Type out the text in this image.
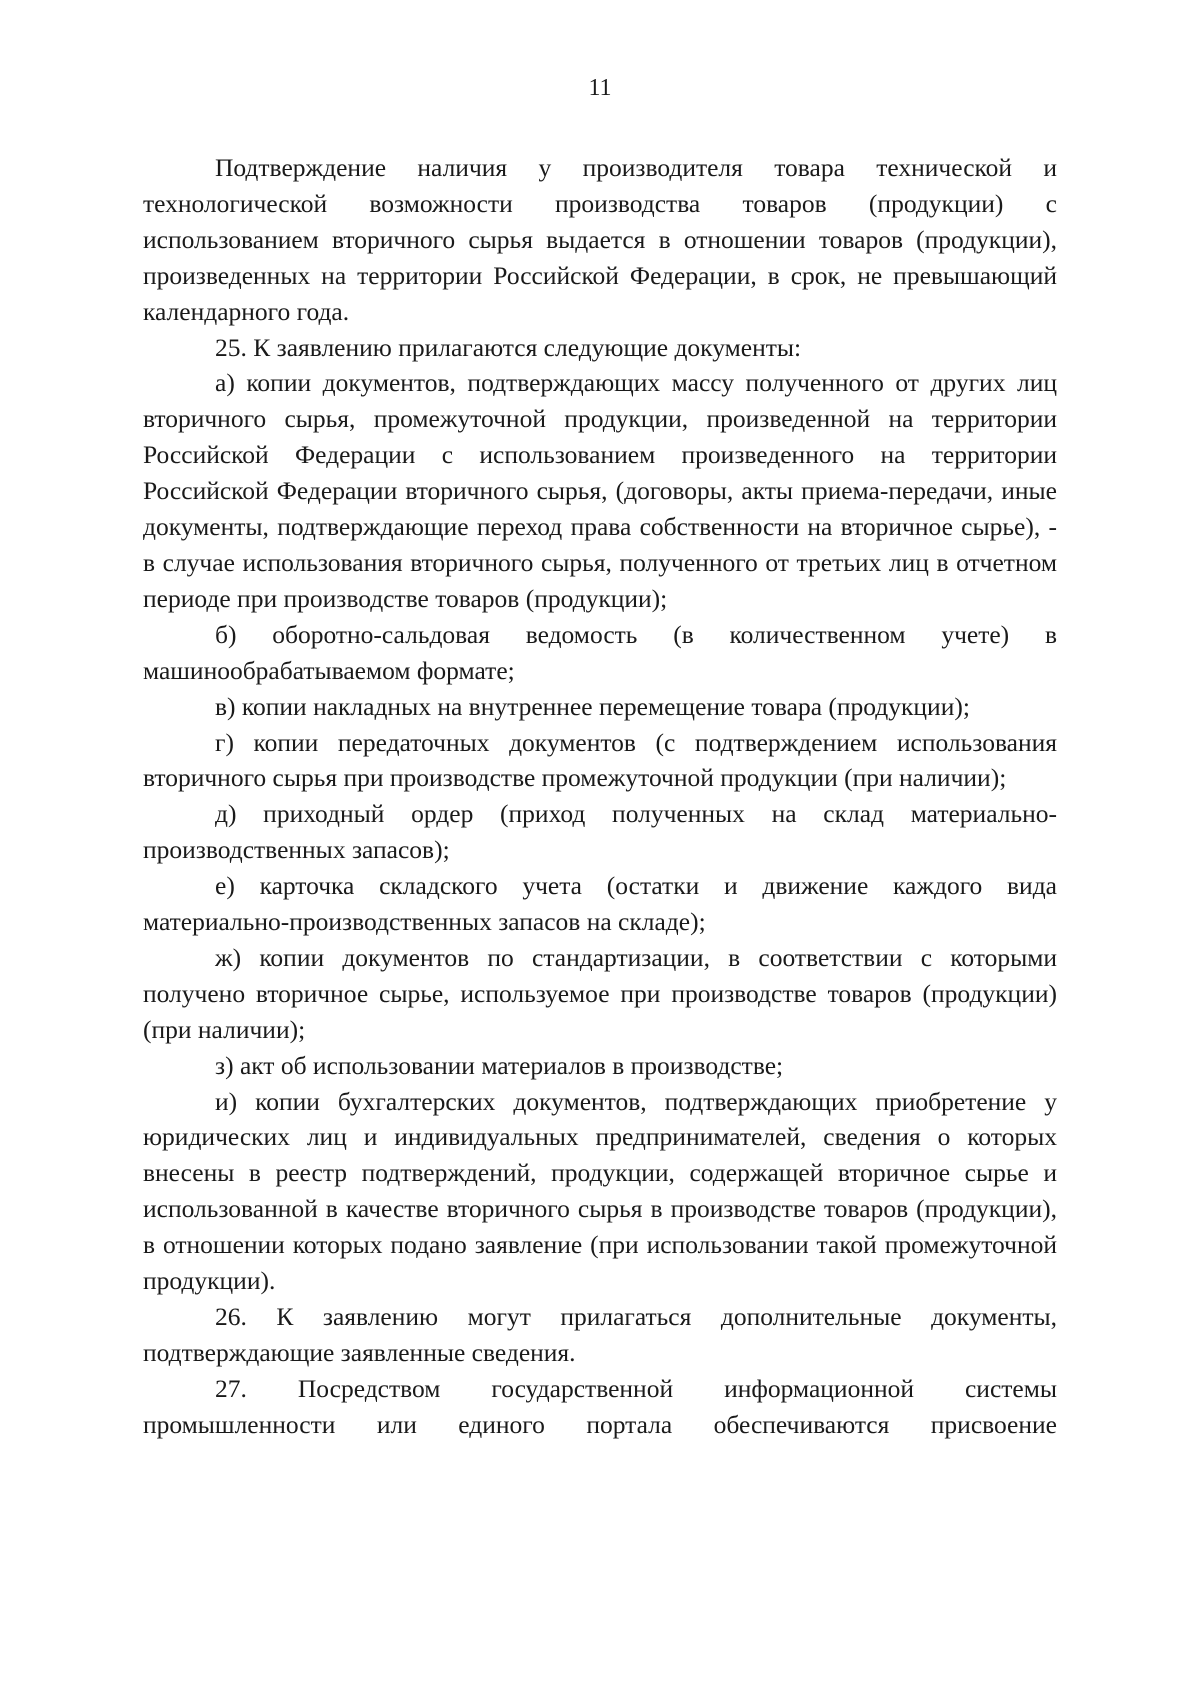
11

Подтверждение наличия у производителя товара технической и технологической возможности производства товаров (продукции) с использованием вторичного сырья выдается в отношении товаров (продукции), произведенных на территории Российской Федерации, в срок, не превышающий календарного года.

25. К заявлению прилагаются следующие документы:

а) копии документов, подтверждающих массу полученного от других лиц вторичного сырья, промежуточной продукции, произведенной на территории Российской Федерации с использованием произведенного на территории Российской Федерации вторичного сырья, (договоры, акты приема-передачи, иные документы, подтверждающие переход права собственности на вторичное сырье), - в случае использования вторичного сырья, полученного от третьих лиц в отчетном периоде при производстве товаров (продукции);

б) оборотно-сальдовая ведомость (в количественном учете) в машинообрабатываемом формате;

в) копии накладных на внутреннее перемещение товара (продукции);

г) копии передаточных документов (с подтверждением использования вторичного сырья при производстве промежуточной продукции (при наличии);

д) приходный ордер (приход полученных на склад материально-производственных запасов);

е) карточка складского учета (остатки и движение каждого вида материально-производственных запасов на складе);

ж) копии документов по стандартизации, в соответствии с которыми получено вторичное сырье, используемое при производстве товаров (продукции) (при наличии);

з) акт об использовании материалов в производстве;

и) копии бухгалтерских документов, подтверждающих приобретение у юридических лиц и индивидуальных предпринимателей, сведения о которых внесены в реестр подтверждений, продукции, содержащей вторичное сырье и использованной в качестве вторичного сырья в производстве товаров (продукции), в отношении которых подано заявление (при использовании такой промежуточной продукции).

26. К заявлению могут прилагаться дополнительные документы, подтверждающие заявленные сведения.

27. Посредством государственной информационной системы промышленности или единого портала обеспечиваются присвоение
